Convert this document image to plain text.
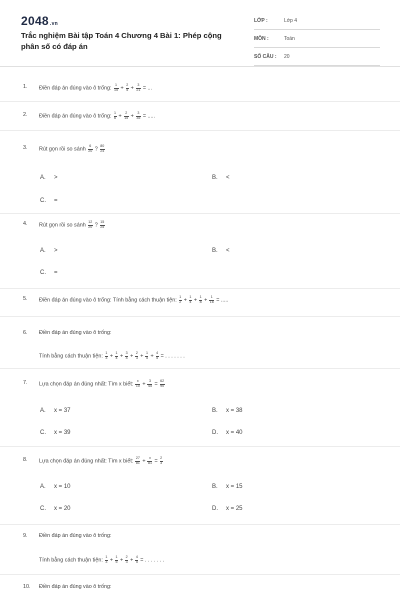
2048.vn
Trắc nghiệm Bài tập Toán 4 Chương 4 Bài 1: Phép cộng phân số có đáp án
LỚP :	Lớp 4
MÔN :	Toán
SỐ CÂU : 20
1. Điền đáp án đúng vào ô trống: $\frac{1}{15} + \frac{2}{5} + \frac{3}{21}$ = ...
2. Điền đáp án đúng vào ô trống: $\frac{1}{6} + \frac{2}{15} + \frac{3}{35}$ = .....
3. Rút gọn rồi so sánh $\frac{6}{20}$ ? $\frac{80}{24}$
A. >	B. <
C. =
4. Rút gọn rồi so sánh $\frac{12}{20}$ ? $\frac{15}{25}$
A. >	B. <
C. =
5. Điền đáp án đúng vào ô trống: Tính bằng cách thuận tiện: $\frac{1}{2} + \frac{1}{4} + \frac{1}{8} + \frac{1}{16}$ = .....
6. Điền đáp án đúng vào ô trống:
Tính bằng cách thuận tiện: $\frac{1}{3} + \frac{1}{4} + \frac{3}{4} + \frac{2}{3} + \frac{1}{5} + \frac{4}{5}$ = . . . . . . .
7. Lựa chọn đáp án đúng nhất: Tìm x biết: $\frac{x}{10} + \frac{3}{45} = \frac{62}{90}$
A. x = 37	B. x = 38
C. x = 39	D. x = 40
8. Lựa chọn đáp án đúng nhất: Tìm x biết: $\frac{27}{81} + \frac{x}{81} = \frac{2}{3}$
A. x = 10	B. x = 15
C. x = 20	D. x = 25
9. Điền đáp án đúng vào ô trống:
Tính bằng cách thuận tiện: $\frac{1}{3} + \frac{1}{5} + \frac{2}{3} + \frac{4}{5}$ = . . . . . . .
10. Điền đáp án đúng vào ô trống:
